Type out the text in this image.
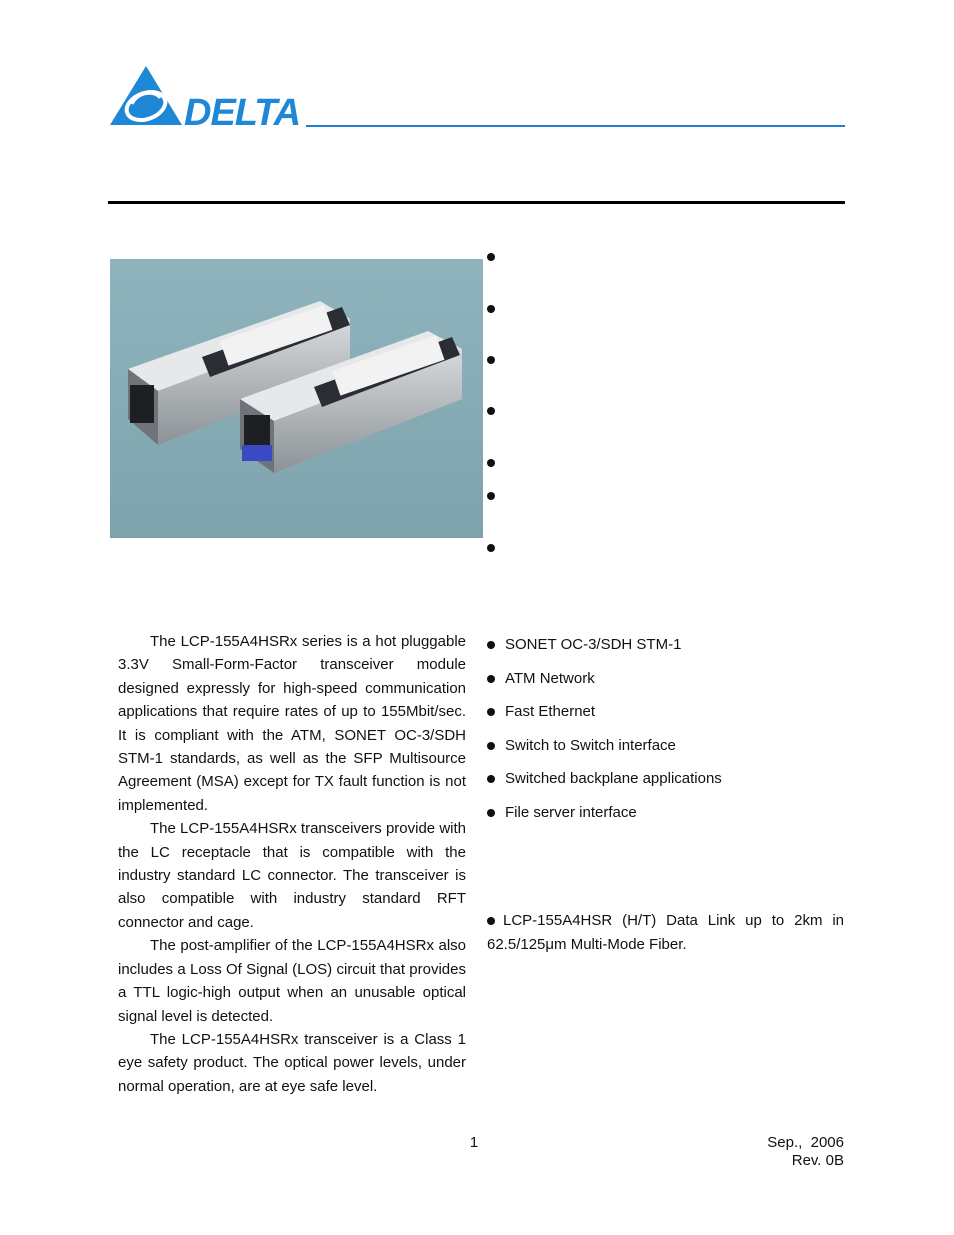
DELTA

The LCP-155A4HSRx series is a hot pluggable 3.3V Small-Form-Factor transceiver module designed expressly for high-speed communication applications that require rates of up to 155Mbit/sec. It is compliant with the ATM, SONET OC-3/SDH STM-1 standards, as well as the SFP Multisource Agreement (MSA) except for TX fault function is not implemented.

The LCP-155A4HSRx transceivers provide with the LC receptacle that is compatible with the industry standard LC connector. The transceiver is also compatible with industry standard RFT connector and cage.

The post-amplifier of the LCP-155A4HSRx also includes a Loss Of Signal (LOS) circuit that provides a TTL logic-high output when an unusable optical signal level is detected.

The LCP-155A4HSRx transceiver is a Class 1 eye safety product. The optical power levels, under normal operation, are at eye safe level.

SONET OC-3/SDH STM-1
ATM Network
Fast Ethernet
Switch to Switch interface
Switched backplane applications
File server interface
LCP-155A4HSR (H/T) Data Link up to 2km in 62.5/125μm Multi-Mode Fiber.
1	Sep.,  2006
Rev. 0B
